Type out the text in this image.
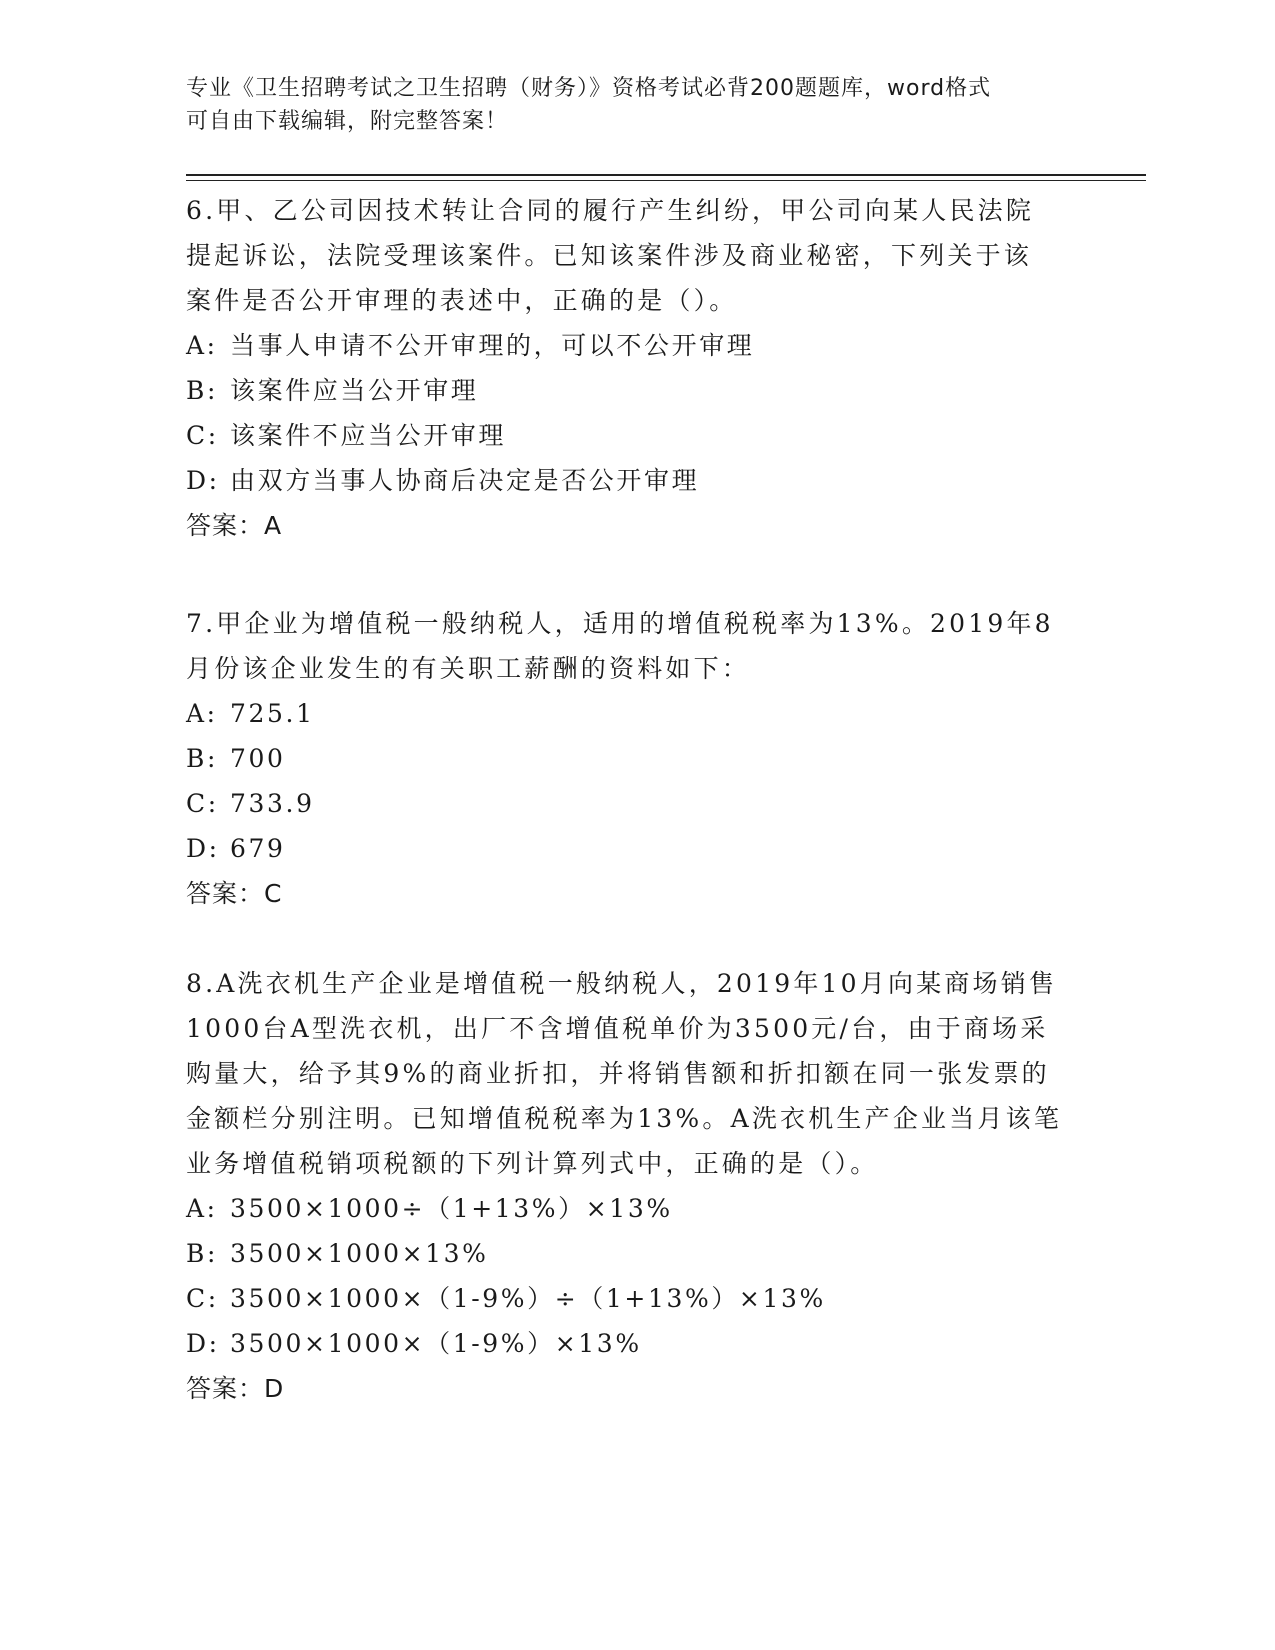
专业《卫生招聘考试之卫生招聘（财务）》资格考试必背200题题库，word格式
可自由下载编辑，附完整答案！

6.甲、乙公司因技术转让合同的履行产生纠纷，甲公司向某人民法院

提起诉讼，法院受理该案件。已知该案件涉及商业秘密，下列关于该

案件是否公开审理的表述中，正确的是（）。

A: 当事人申请不公开审理的，可以不公开审理

B: 该案件应当公开审理

C: 该案件不应当公开审理

D: 由双方当事人协商后决定是否公开审理

答案：A

7.甲企业为增值税一般纳税人，适用的增值税税率为13%。2019年8

月份该企业发生的有关职工薪酬的资料如下：

A: 725.1

B: 700

C: 733.9

D: 679

答案：C

8.A洗衣机生产企业是增值税一般纳税人，2019年10月向某商场销售

1000台A型洗衣机，出厂不含增值税单价为3500元/台，由于商场采

购量大，给予其9%的商业折扣，并将销售额和折扣额在同一张发票的

金额栏分别注明。已知增值税税率为13%。A洗衣机生产企业当月该笔

业务增值税销项税额的下列计算列式中，正确的是（）。

A: 3500×1000÷（1+13%）×13%

B: 3500×1000×13%

C: 3500×1000×（1-9%）÷（1+13%）×13%

D: 3500×1000×（1-9%）×13%

答案：D
